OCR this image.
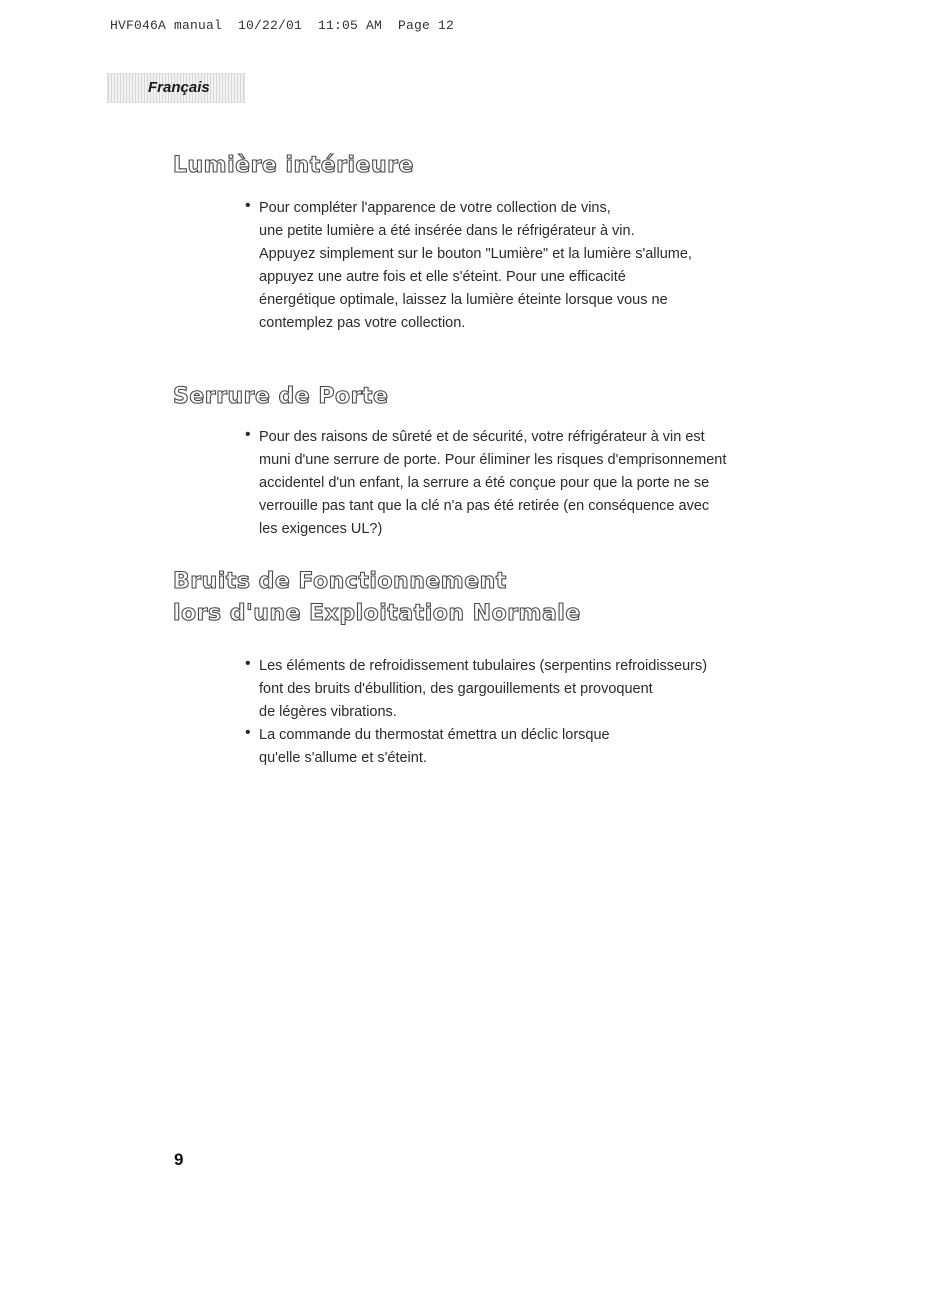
HVF046A manual  10/22/01  11:05 AM  Page 12
Français
Lumière intérieure
• Pour compléter l'apparence de votre collection de vins,
une petite lumière a été insérée dans le réfrigérateur à vin.
Appuyez simplement sur le bouton "Lumière" et la lumière s'allume,
appuyez une autre fois et elle s'éteint. Pour une efficacité
énergétique optimale, laissez la lumière éteinte lorsque vous ne
contemplez pas votre collection.
Serrure de Porte
• Pour des raisons de sûreté et de sécurité, votre réfrigérateur à vin est
muni d'une serrure de porte. Pour éliminer les risques d'emprisonnement
accidentel d'un enfant, la serrure a été conçue pour que la porte ne se
verrouille pas tant que la clé n'a pas été retirée (en conséquence avec
les exigences UL?)
Bruits de Fonctionnement
lors d'une Exploitation Normale
• Les éléments de refroidissement tubulaires (serpentins refroidisseurs)
font des bruits d'ébullition, des gargouillements et provoquent
de légères vibrations.
• La commande du thermostat émettra un déclic lorsque
qu'elle s'allume et s'éteint.
9
